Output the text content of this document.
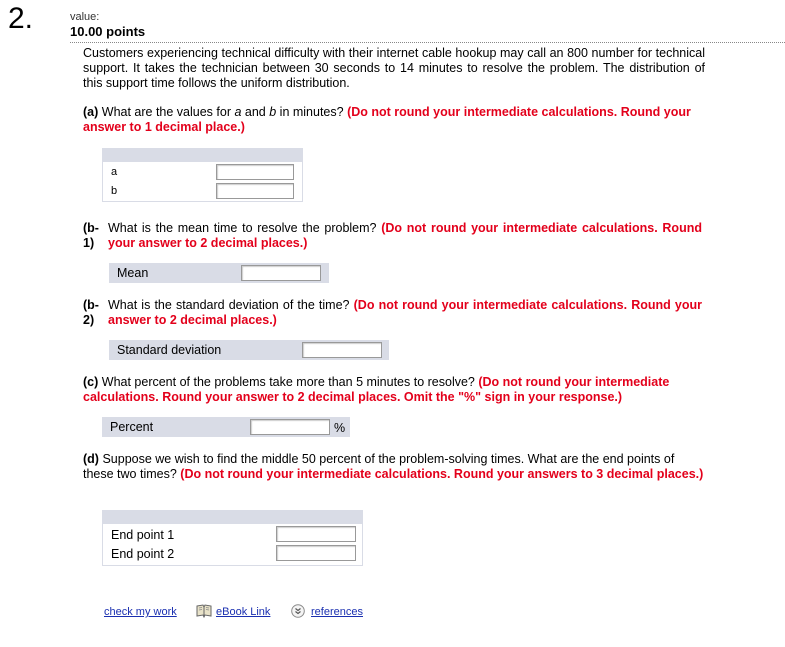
2.	value:
10.00 points
Customers experiencing technical difficulty with their internet cable hookup may call an 800 number for technical support. It takes the technician between 30 seconds to 14 minutes to resolve the problem. The distribution of this support time follows the uniform distribution.
(a) What are the values for a and b in minutes? (Do not round your intermediate calculations. Round your answer to 1 decimal place.)
a
b
(b-
1)
What is the mean time to resolve the problem? (Do not round your intermediate calculations. Round your answer to 2 decimal places.)
Mean
(b-
2)
What is the standard deviation of the time? (Do not round your intermediate calculations. Round your answer to 2 decimal places.)
Standard deviation
(c) What percent of the problems take more than 5 minutes to resolve? (Do not round your intermediate calculations. Round your answer to 2 decimal places. Omit the "%" sign in your response.)
Percent	%
(d) Suppose we wish to find the middle 50 percent of the problem-solving times. What are the end points of these two times? (Do not round your intermediate calculations. Round your answers to 3 decimal places.)
End point 1
End point 2
check my work	eBook Link	references
